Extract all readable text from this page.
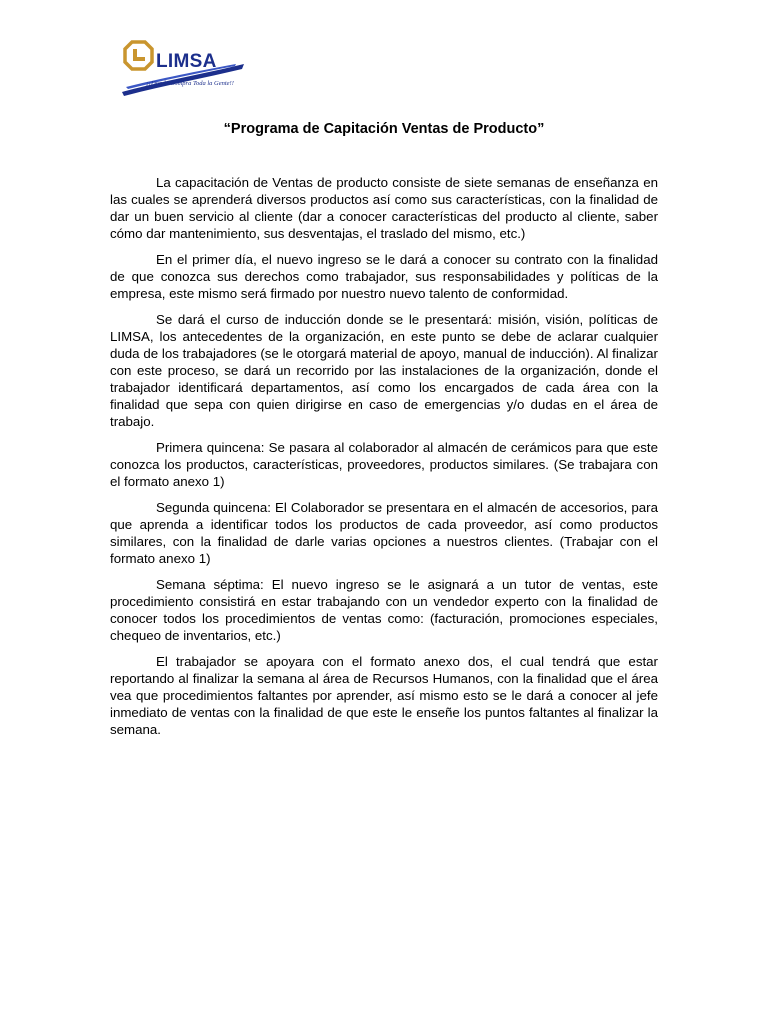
LIMSA
¡¡Donde Compra Toda la Gente!!
“Programa de Capitación Ventas de Producto”

La capacitación de Ventas de producto consiste de siete semanas de enseñanza en las cuales se aprenderá diversos productos así como sus características, con la finalidad de dar un buen servicio al cliente (dar a conocer características del producto al cliente, saber cómo dar mantenimiento, sus desventajas, el traslado del mismo, etc.)

En el primer día, el nuevo ingreso se le dará a conocer su contrato con la finalidad de que conozca sus derechos como trabajador, sus responsabilidades y políticas de la empresa, este mismo será firmado por nuestro nuevo talento de conformidad.

Se dará el curso de inducción donde se le presentará: misión, visión, políticas de LIMSA, los antecedentes de la organización, en este punto se debe de aclarar cualquier duda de los trabajadores (se le otorgará material de apoyo, manual de inducción). Al finalizar con este proceso, se dará un recorrido por las instalaciones de la organización, donde el trabajador identificará departamentos, así como los encargados de cada área con la finalidad que sepa con quien dirigirse en caso de emergencias y/o dudas en el área de trabajo.

Primera quincena: Se pasara al colaborador al almacén de cerámicos para que este conozca los productos, características, proveedores, productos similares. (Se trabajara con el formato anexo 1)

Segunda quincena: El Colaborador se presentara en el almacén de accesorios, para que aprenda a identificar todos los productos de cada proveedor, así como productos similares, con la finalidad de darle varias opciones a nuestros clientes. (Trabajar con el formato anexo 1)

Semana séptima: El nuevo ingreso se le asignará a un tutor de ventas, este procedimiento consistirá en estar trabajando con un vendedor experto con la finalidad de conocer todos los procedimientos de ventas como: (facturación, promociones especiales, chequeo de inventarios, etc.)

El trabajador se apoyara con el formato anexo dos, el cual tendrá que estar reportando al finalizar la semana al área de Recursos Humanos, con la finalidad que el área vea que procedimientos faltantes por aprender, así mismo esto se le dará a conocer al jefe inmediato de ventas con la finalidad de que este le enseñe los puntos faltantes al finalizar la semana.
